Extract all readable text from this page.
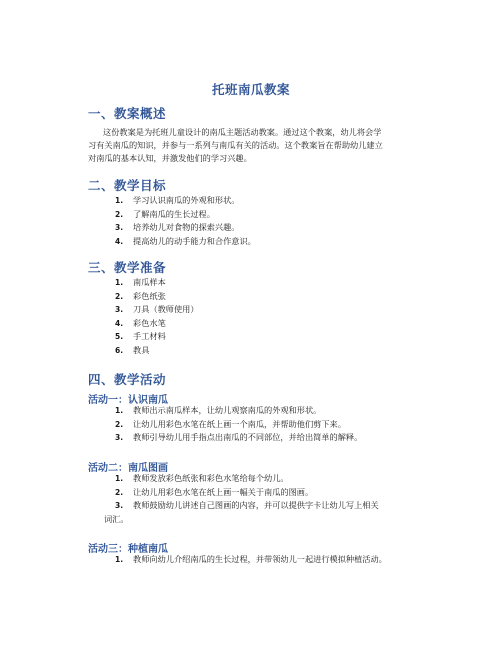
托班南瓜教案
一、教案概述
这份教案是为托班儿童设计的南瓜主题活动教案。通过这个教案，幼儿将会学
习有关南瓜的知识，并参与一系列与南瓜有关的活动。这个教案旨在帮助幼儿建立
对南瓜的基本认知，并激发他们的学习兴趣。
二、教学目标
1. 学习认识南瓜的外观和形状。
2. 了解南瓜的生长过程。
3. 培养幼儿对食物的探索兴趣。
4. 提高幼儿的动手能力和合作意识。
三、教学准备
1. 南瓜样本
2. 彩色纸张
3. 刀具（教师使用）
4. 彩色水笔
5. 手工材料
6. 教具
四、教学活动
活动一：认识南瓜
1. 教师出示南瓜样本，让幼儿观察南瓜的外观和形状。
2. 让幼儿用彩色水笔在纸上画一个南瓜，并帮助他们剪下来。
3. 教师引导幼儿用手指点出南瓜的不同部位，并给出简单的解释。
活动二：南瓜图画
1. 教师发放彩色纸张和彩色水笔给每个幼儿。
2. 让幼儿用彩色水笔在纸上画一幅关于南瓜的图画。
3. 教师鼓励幼儿讲述自己图画的内容，并可以提供字卡让幼儿写上相关
词汇。
活动三：种植南瓜
1. 教师向幼儿介绍南瓜的生长过程，并带领幼儿一起进行模拟种植活动。
